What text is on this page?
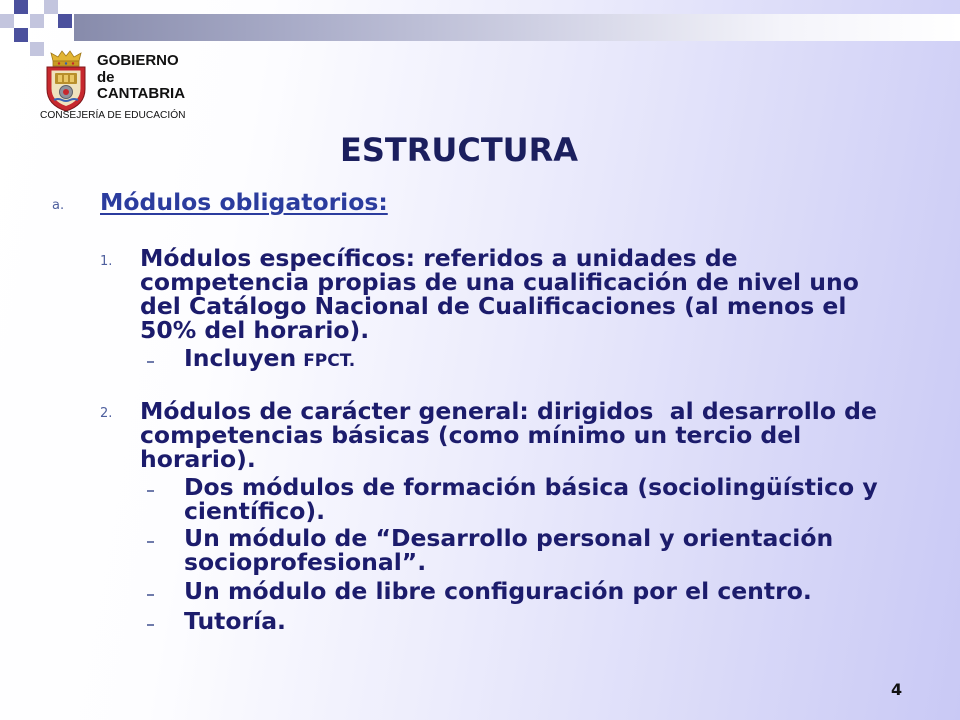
GOBIERNO
de
CANTABRIA
CONSEJERÍA DE EDUCACIÓN
ESTRUCTURA
a. Módulos obligatorios:
1. Módulos específicos: referidos a unidades de
competencia propias de una cualificación de nivel uno
del Catálogo Nacional de Cualificaciones (al menos el
50% del horario).
Incluyen FPCT.
2. Módulos de carácter general: dirigidos  al desarrollo de
competencias básicas (como mínimo un tercio del
horario).
Dos módulos de formación básica (sociolingüístico y
científico).
Un módulo de “Desarrollo personal y orientación
socioprofesional”.
Un módulo de libre configuración por el centro.
Tutoría.
4
